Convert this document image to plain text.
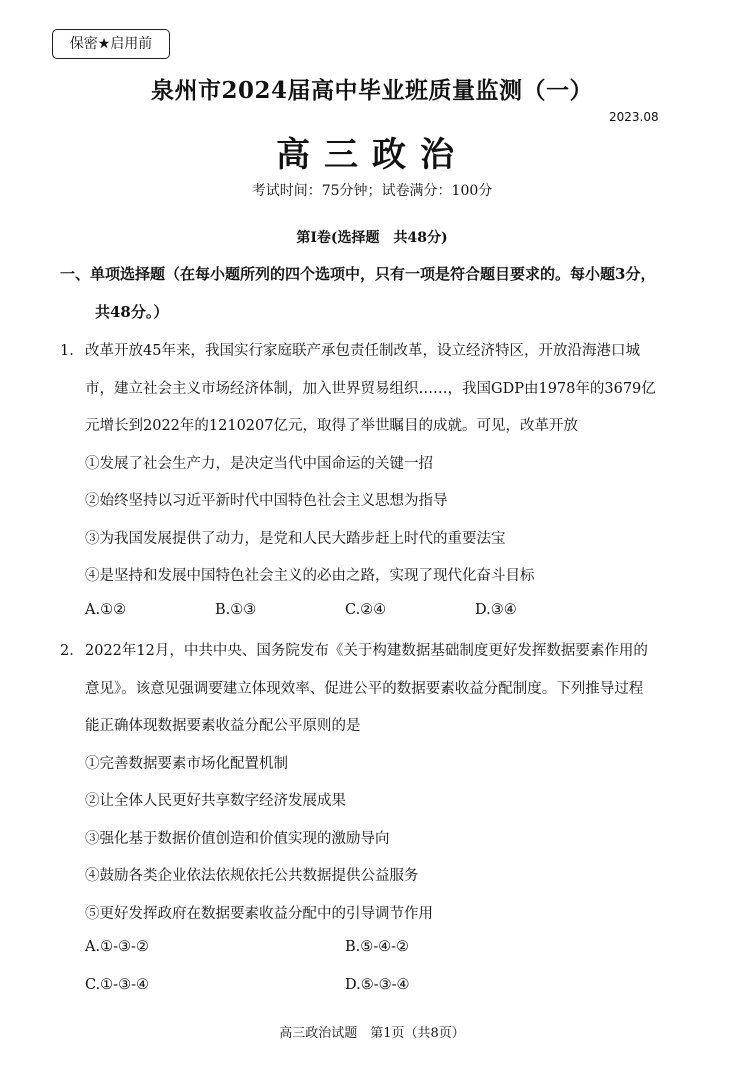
保密★启用前
泉州市2024届高中毕业班质量监测（一）
2023.08
高三政治
考试时间：75分钟；试卷满分：100分
第Ⅰ卷(选择题　共48分)
一、单项选择题（在每小题所列的四个选项中，只有一项是符合题目要求的。每小题3分，
共48分。）
1． 改革开放45年来，我国实行家庭联产承包责任制改革，设立经济特区，开放沿海港口城
市，建立社会主义市场经济体制，加入世界贸易组织……，我国GDP由1978年的3679亿
元增长到2022年的1210207亿元，取得了举世瞩目的成就。可见，改革开放
①发展了社会生产力，是决定当代中国命运的关键一招
②始终坚持以习近平新时代中国特色社会主义思想为指导
③为我国发展提供了动力，是党和人民大踏步赶上时代的重要法宝
④是坚持和发展中国特色社会主义的必由之路，实现了现代化奋斗目标
A.①②	B.①③	C.②④	D.③④
2． 2022年12月，中共中央、国务院发布《关于构建数据基础制度更好发挥数据要素作用的
意见》。该意见强调要建立体现效率、促进公平的数据要素收益分配制度。下列推导过程
能正确体现数据要素收益分配公平原则的是
①完善数据要素市场化配置机制
②让全体人民更好共享数字经济发展成果
③强化基于数据价值创造和价值实现的激励导向
④鼓励各类企业依法依规依托公共数据提供公益服务
⑤更好发挥政府在数据要素收益分配中的引导调节作用
A.①-③-②	B.⑤-④-②
C.①-③-④	D.⑤-③-④
高三政治试题　第1页（共8页）
